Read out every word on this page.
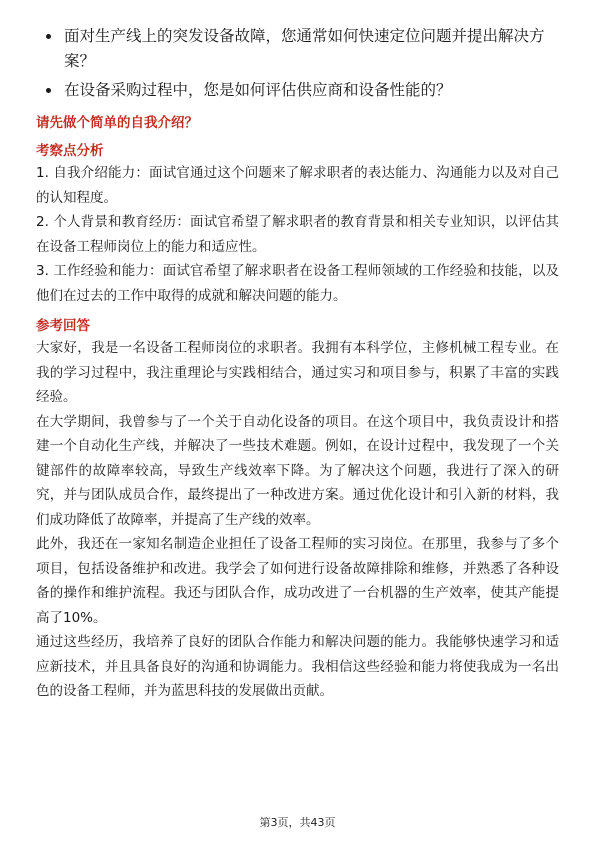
面对生产线上的突发设备故障，您通常如何快速定位问题并提出解决方案？
在设备采购过程中，您是如何评估供应商和设备性能的？
请先做个简单的自我介绍？
考察点分析

1. 自我介绍能力：面试官通过这个问题来了解求职者的表达能力、沟通能力以及对自己的认知程度。

2. 个人背景和教育经历：面试官希望了解求职者的教育背景和相关专业知识，以评估其在设备工程师岗位上的能力和适应性。

3. 工作经验和能力：面试官希望了解求职者在设备工程师领域的工作经验和技能，以及他们在过去的工作中取得的成就和解决问题的能力。

参考回答

大家好，我是一名设备工程师岗位的求职者。我拥有本科学位，主修机械工程专业。在我的学习过程中，我注重理论与实践相结合，通过实习和项目参与，积累了丰富的实践经验。

在大学期间，我曾参与了一个关于自动化设备的项目。在这个项目中，我负责设计和搭建一个自动化生产线，并解决了一些技术难题。例如，在设计过程中，我发现了一个关键部件的故障率较高，导致生产线效率下降。为了解决这个问题，我进行了深入的研究，并与团队成员合作，最终提出了一种改进方案。通过优化设计和引入新的材料，我们成功降低了故障率，并提高了生产线的效率。

此外，我还在一家知名制造企业担任了设备工程师的实习岗位。在那里，我参与了多个项目，包括设备维护和改进。我学会了如何进行设备故障排除和维修，并熟悉了各种设备的操作和维护流程。我还与团队合作，成功改进了一台机器的生产效率，使其产能提高了10%。

通过这些经历，我培养了良好的团队合作能力和解决问题的能力。我能够快速学习和适应新技术，并且具备良好的沟通和协调能力。我相信这些经验和能力将使我成为一名出色的设备工程师，并为蓝思科技的发展做出贡献。

第3页，共43页
